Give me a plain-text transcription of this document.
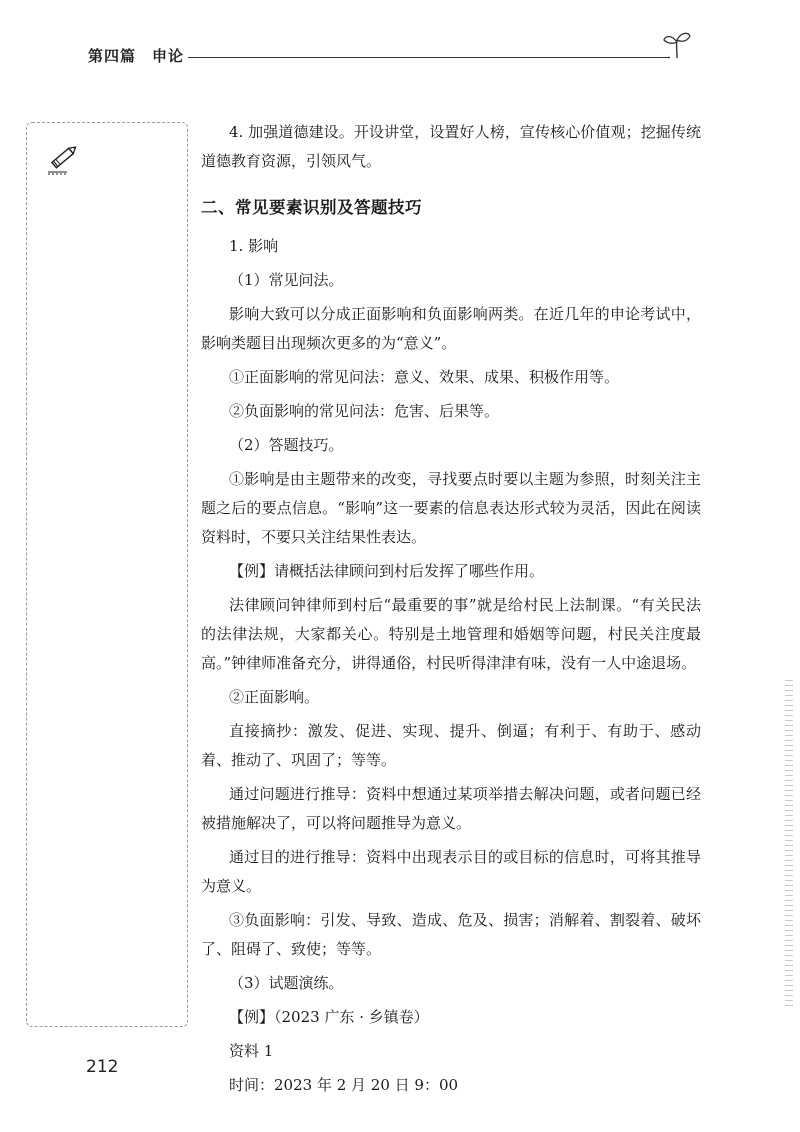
第四篇　申论

4. 加强道德建设。开设讲堂，设置好人榜，宣传核心价值观；挖掘传统道德教育资源，引领风气。

二、常见要素识别及答题技巧

1. 影响

（1）常见问法。

影响大致可以分成正面影响和负面影响两类。在近几年的申论考试中，影响类题目出现频次更多的为“意义”。

①正面影响的常见问法：意义、效果、成果、积极作用等。

②负面影响的常见问法：危害、后果等。

（2）答题技巧。

①影响是由主题带来的改变，寻找要点时要以主题为参照，时刻关注主题之后的要点信息。“影响”这一要素的信息表达形式较为灵活，因此在阅读资料时，不要只关注结果性表达。

【例】请概括法律顾问到村后发挥了哪些作用。

法律顾问钟律师到村后“最重要的事”就是给村民上法制课。“有关民法的法律法规，大家都关心。特别是土地管理和婚姻等问题，村民关注度最高。”钟律师准备充分，讲得通俗，村民听得津津有味，没有一人中途退场。

②正面影响。

直接摘抄：激发、促进、实现、提升、倒逼；有利于、有助于、感动着、推动了、巩固了；等等。

通过问题进行推导：资料中想通过某项举措去解决问题，或者问题已经被措施解决了，可以将问题推导为意义。

通过目的进行推导：资料中出现表示目的或目标的信息时，可将其推导为意义。

③负面影响：引发、导致、造成、危及、损害；消解着、割裂着、破坏了、阻碍了、致使；等等。

（3）试题演练。

【例】（2023 广东 · 乡镇卷）

资料 1

时间：2023 年 2 月 20 日 9：00

212
